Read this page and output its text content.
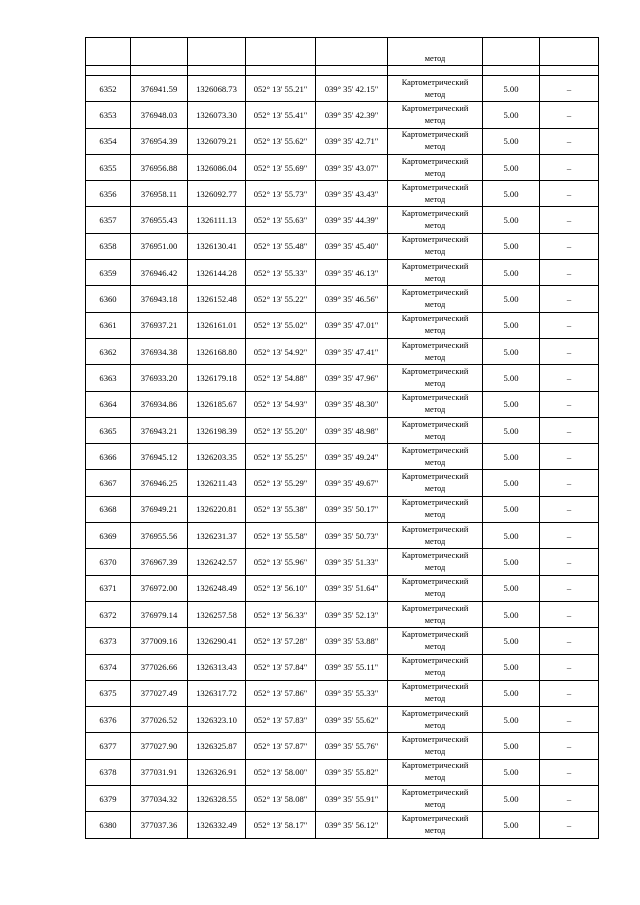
					метод		

6352	376941.59	1326068.73	052° 13' 55.21"	039° 35' 42.15"	Картометрический
метод	5.00	–
6353	376948.03	1326073.30	052° 13' 55.41"	039° 35' 42.39"	Картометрический
метод	5.00	–
6354	376954.39	1326079.21	052° 13' 55.62"	039° 35' 42.71"	Картометрический
метод	5.00	–
6355	376956.88	1326086.04	052° 13' 55.69"	039° 35' 43.07"	Картометрический
метод	5.00	–
6356	376958.11	1326092.77	052° 13' 55.73"	039° 35' 43.43"	Картометрический
метод	5.00	–
6357	376955.43	1326111.13	052° 13' 55.63"	039° 35' 44.39"	Картометрический
метод	5.00	–
6358	376951.00	1326130.41	052° 13' 55.48"	039° 35' 45.40"	Картометрический
метод	5.00	–
6359	376946.42	1326144.28	052° 13' 55.33"	039° 35' 46.13"	Картометрический
метод	5.00	–
6360	376943.18	1326152.48	052° 13' 55.22"	039° 35' 46.56"	Картометрический
метод	5.00	–
6361	376937.21	1326161.01	052° 13' 55.02"	039° 35' 47.01"	Картометрический
метод	5.00	–
6362	376934.38	1326168.80	052° 13' 54.92"	039° 35' 47.41"	Картометрический
метод	5.00	–
6363	376933.20	1326179.18	052° 13' 54.88"	039° 35' 47.96"	Картометрический
метод	5.00	–
6364	376934.86	1326185.67	052° 13' 54.93"	039° 35' 48.30"	Картометрический
метод	5.00	–
6365	376943.21	1326198.39	052° 13' 55.20"	039° 35' 48.98"	Картометрический
метод	5.00	–
6366	376945.12	1326203.35	052° 13' 55.25"	039° 35' 49.24"	Картометрический
метод	5.00	–
6367	376946.25	1326211.43	052° 13' 55.29"	039° 35' 49.67"	Картометрический
метод	5.00	–
6368	376949.21	1326220.81	052° 13' 55.38"	039° 35' 50.17"	Картометрический
метод	5.00	–
6369	376955.56	1326231.37	052° 13' 55.58"	039° 35' 50.73"	Картометрический
метод	5.00	–
6370	376967.39	1326242.57	052° 13' 55.96"	039° 35' 51.33"	Картометрический
метод	5.00	–
6371	376972.00	1326248.49	052° 13' 56.10"	039° 35' 51.64"	Картометрический
метод	5.00	–
6372	376979.14	1326257.58	052° 13' 56.33"	039° 35' 52.13"	Картометрический
метод	5.00	–
6373	377009.16	1326290.41	052° 13' 57.28"	039° 35' 53.88"	Картометрический
метод	5.00	–
6374	377026.66	1326313.43	052° 13' 57.84"	039° 35' 55.11"	Картометрический
метод	5.00	–
6375	377027.49	1326317.72	052° 13' 57.86"	039° 35' 55.33"	Картометрический
метод	5.00	–
6376	377026.52	1326323.10	052° 13' 57.83"	039° 35' 55.62"	Картометрический
метод	5.00	–
6377	377027.90	1326325.87	052° 13' 57.87"	039° 35' 55.76"	Картометрический
метод	5.00	–
6378	377031.91	1326326.91	052° 13' 58.00"	039° 35' 55.82"	Картометрический
метод	5.00	–
6379	377034.32	1326328.55	052° 13' 58.08"	039° 35' 55.91"	Картометрический
метод	5.00	–
6380	377037.36	1326332.49	052° 13' 58.17"	039° 35' 56.12"	Картометрический
метод	5.00	–
